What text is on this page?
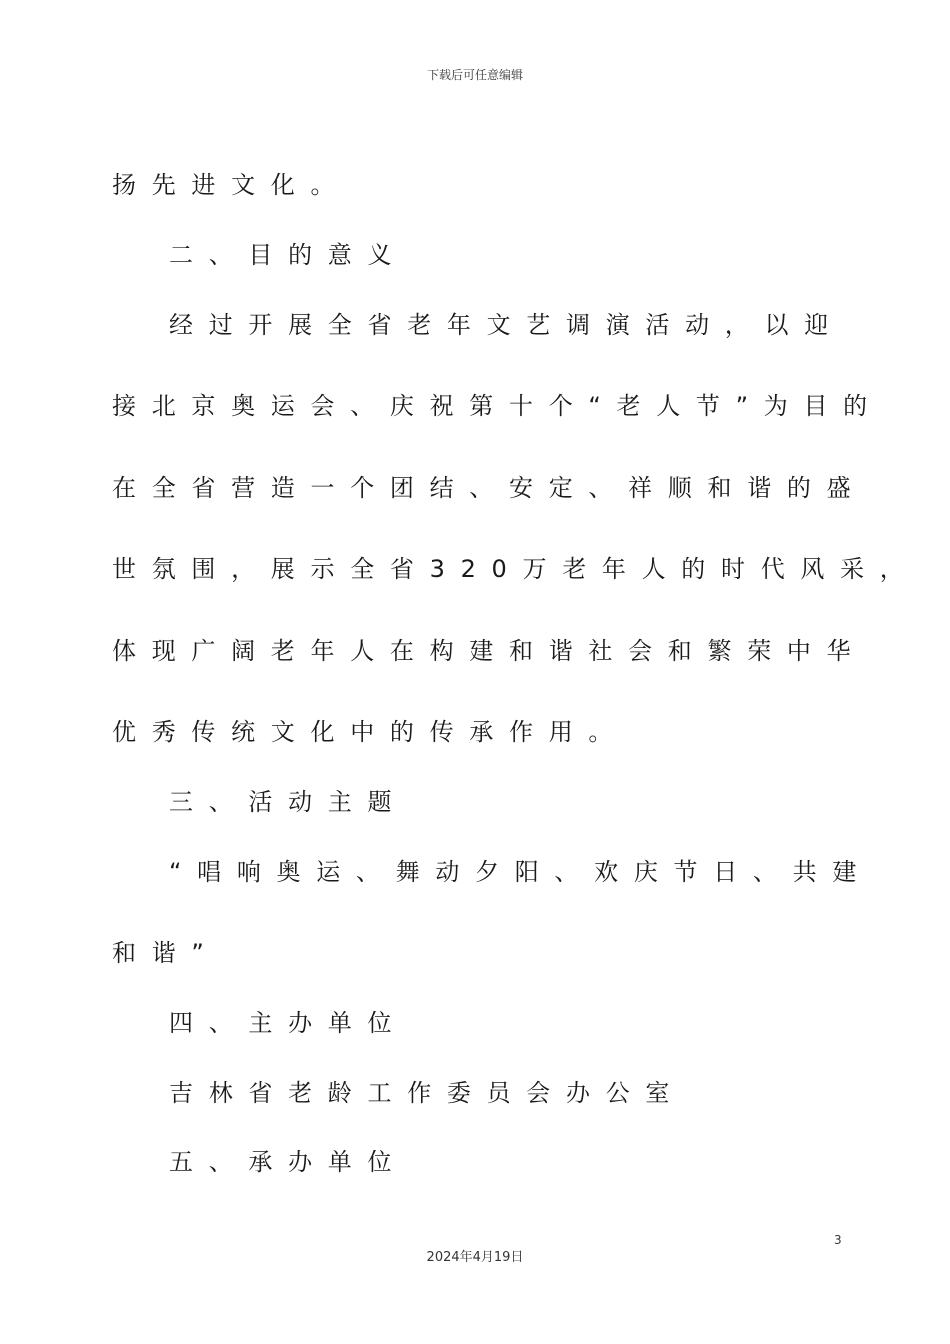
下载后可任意编辑
扬先进文化。
二、目的意义
经过开展全省老年文艺调演活动，以迎
接北京奥运会、庆祝第十个“老人节”为目的
在全省营造一个团结、安定、祥顺和谐的盛
世氛围，展示全省320万老年人的时代风采，
体现广阔老年人在构建和谐社会和繁荣中华
优秀传统文化中的传承作用。
三、活动主题
“唱响奥运、舞动夕阳、欢庆节日、共建
和谐”
四、主办单位
吉林省老龄工作委员会办公室
五、承办单位
3
2024年4月19日
